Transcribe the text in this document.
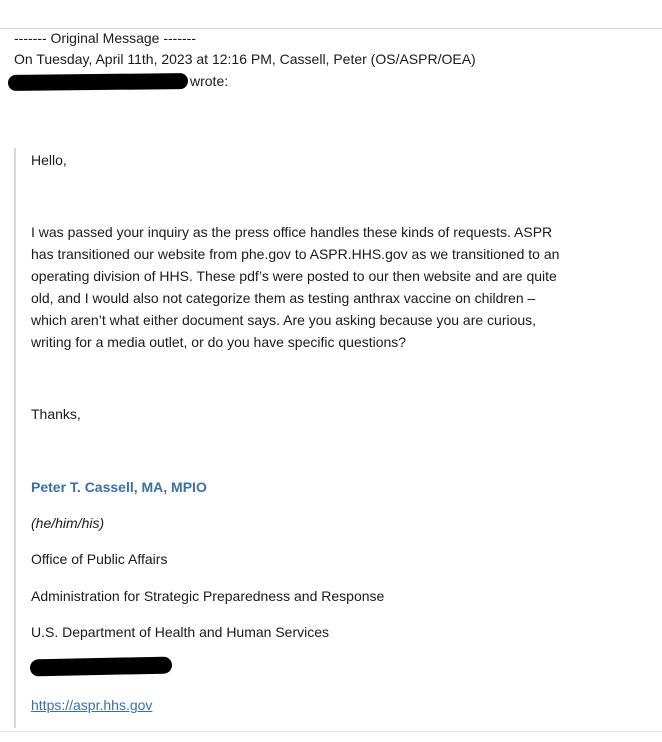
------- Original Message -------
On Tuesday, April 11th, 2023 at 12:16 PM, Cassell, Peter (OS/ASPR/OEA)
wrote:
Hello,
I was passed your inquiry as the press office handles these kinds of requests. ASPR
has transitioned our website from phe.gov to ASPR.HHS.gov as we transitioned to an
operating division of HHS. These pdf’s were posted to our then website and are quite
old, and I would also not categorize them as testing anthrax vaccine on children –
which aren’t what either document says. Are you asking because you are curious,
writing for a media outlet, or do you have specific questions?
Thanks,
Peter T. Cassell, MA, MPIO
(he/him/his)
Office of Public Affairs
Administration for Strategic Preparedness and Response
U.S. Department of Health and Human Services
https://aspr.hhs.gov
